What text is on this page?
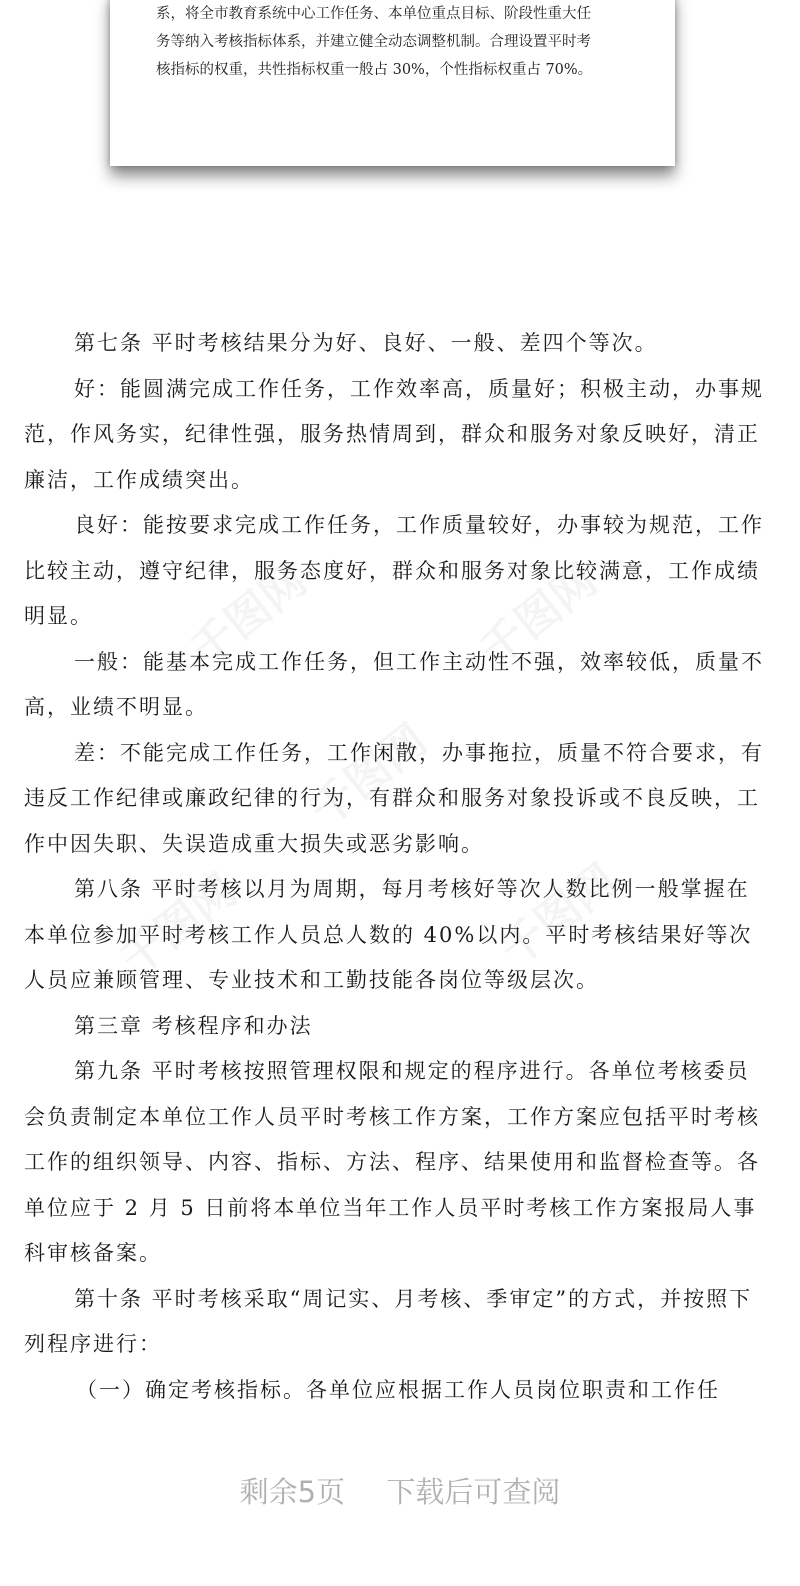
系，将全市教育系统中心工作任务、本单位重点目标、阶段性重大任
务等纳入考核指标体系，并建立健全动态调整机制。合理设置平时考
核指标的权重，共性指标权重一般占 30%，个性指标权重占 70%。
千图网	千图网
千图网
千图网	千图网

第七条 平时考核结果分为好、良好、一般、差四个等次。

好：能圆满完成工作任务，工作效率高，质量好；积极主动，办事规范，作风务实，纪律性强，服务热情周到，群众和服务对象反映好，清正廉洁，工作成绩突出。

良好：能按要求完成工作任务，工作质量较好，办事较为规范，工作比较主动，遵守纪律，服务态度好，群众和服务对象比较满意，工作成绩明显。

一般：能基本完成工作任务，但工作主动性不强，效率较低，质量不高，业绩不明显。

差：不能完成工作任务，工作闲散，办事拖拉，质量不符合要求，有违反工作纪律或廉政纪律的行为，有群众和服务对象投诉或不良反映，工作中因失职、失误造成重大损失或恶劣影响。

第八条 平时考核以月为周期，每月考核好等次人数比例一般掌握在本单位参加平时考核工作人员总人数的 40%以内。平时考核结果好等次人员应兼顾管理、专业技术和工勤技能各岗位等级层次。

第三章 考核程序和办法

第九条 平时考核按照管理权限和规定的程序进行。各单位考核委员会负责制定本单位工作人员平时考核工作方案，工作方案应包括平时考核工作的组织领导、内容、指标、方法、程序、结果使用和监督检查等。各单位应于 2 月 5 日前将本单位当年工作人员平时考核工作方案报局人事科审核备案。

第十条 平时考核采取“周记实、月考核、季审定”的方式，并按照下列程序进行：

（一）确定考核指标。各单位应根据工作人员岗位职责和工作任

剩余5页 下载后可查阅
